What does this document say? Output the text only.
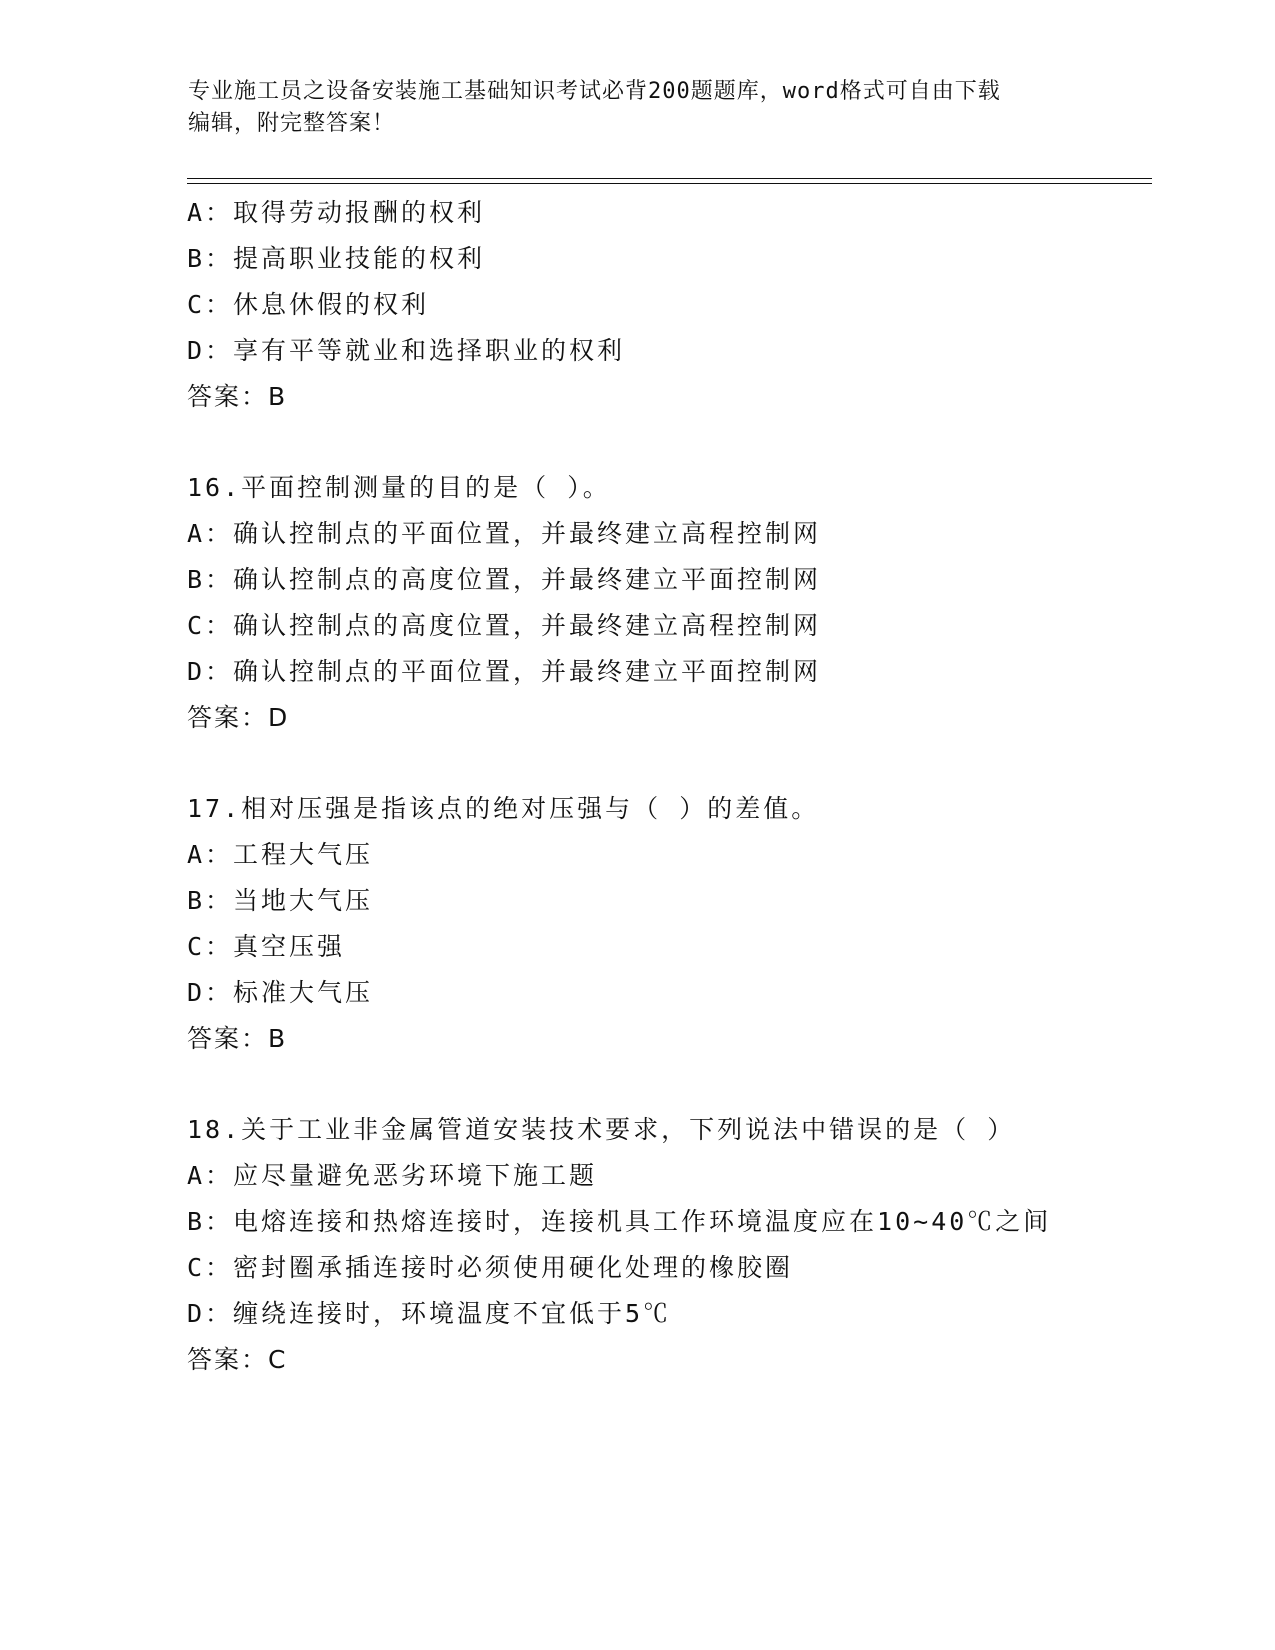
专业施工员之设备安装施工基础知识考试必背200题题库，word格式可自由下载
编辑，附完整答案！
A：取得劳动报酬的权利
B：提高职业技能的权利
C：休息休假的权利
D：享有平等就业和选择职业的权利
答案：B
16.平面控制测量的目的是（ ）。
A：确认控制点的平面位置，并最终建立高程控制网
B：确认控制点的高度位置，并最终建立平面控制网
C：确认控制点的高度位置，并最终建立高程控制网
D：确认控制点的平面位置，并最终建立平面控制网
答案：D
17.相对压强是指该点的绝对压强与（ ）的差值。
A：工程大气压
B：当地大气压
C：真空压强
D：标准大气压
答案：B
18.关于工业非金属管道安装技术要求，下列说法中错误的是（ ）
A：应尽量避免恶劣环境下施工题
B：电熔连接和热熔连接时，连接机具工作环境温度应在10~40℃之间
C：密封圈承插连接时必须使用硬化处理的橡胶圈
D：缠绕连接时，环境温度不宜低于5℃
答案：C
